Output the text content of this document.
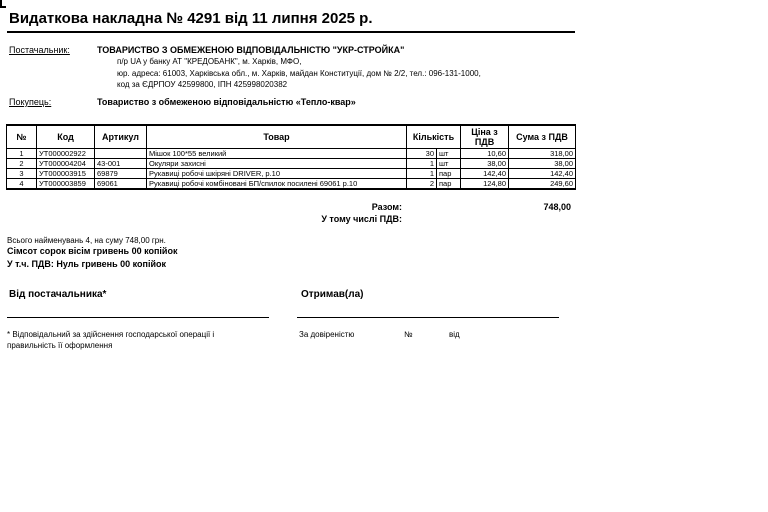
Видаткова накладна № 4291 від 11 липня 2025 р.
Постачальник:	ТОВАРИСТВО З ОБМЕЖЕНОЮ ВІДПОВІДАЛЬНІСТЮ "УКР-СТРОЙКА"
п/р UA у банку АТ "КРЕДОБАНК", м. Харків, МФО,
юр. адреса: 61003, Харківська обл., м. Харків, майдан Конституції, дом № 2/2, тел.: 096-131-1000,
код за ЄДРПОУ 42599800, ІПН 425998020382
Покупець:	Товариство з обмеженою відповідальністю «Тепло-квар»
№	Код	Артикул	Товар	Кількість		Ціна з ПДВ	Сума з ПДВ
1	УТ000002922		Мішок 100*55 великий	30	шт	10,60	318,00
2	УТ000004204	43-001	Окуляри захисні	1	шт	38,00	38,00
3	УТ000003915	69879	Рукавиці робочі шкіряні DRIVER, р.10	1	пар	142,40	142,40
4	УТ000003859	69061	Рукавиці робочі комбіновані БП/спилок посилені 69061 р.10	2	пар	124,80	249,60
Разом:	748,00
У тому числі ПДВ:
Всього найменувань 4, на суму 748,00 грн.
Сімсот сорок вісім гривень 00 копійок
У т.ч. ПДВ: Нуль гривень 00 копійок
Від постачальника*	Отримав(ла)
* Відповідальний за здійснення господарської операції і
правильність її оформлення
За довіреністю	№	від
